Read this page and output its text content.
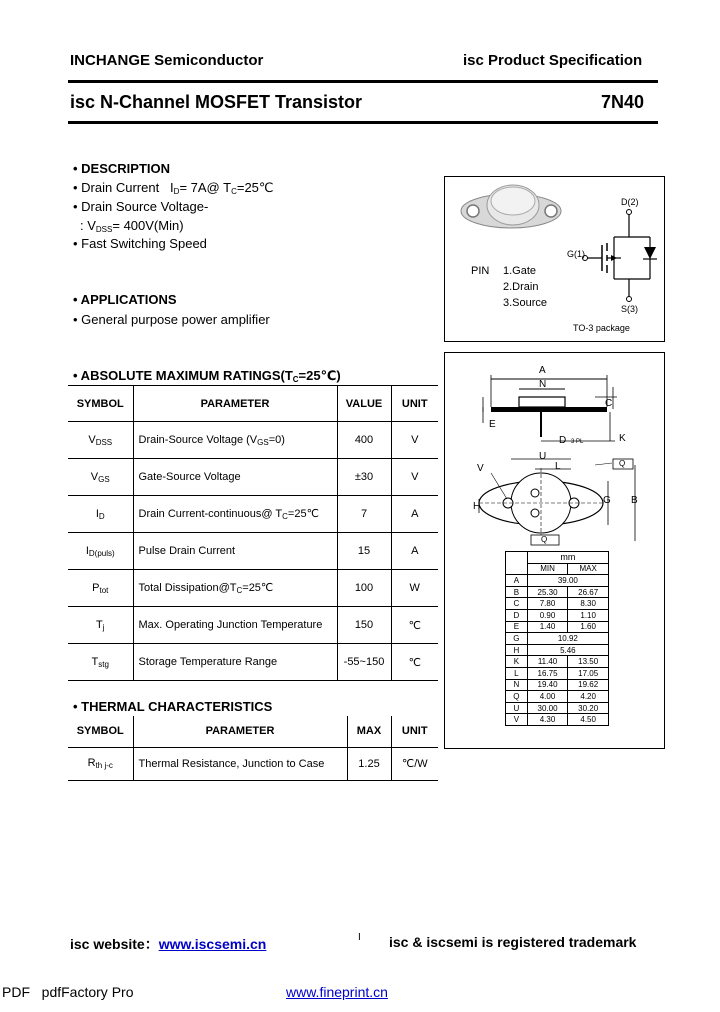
INCHANGE Semiconductor	isc Product Specification
isc N-Channel MOSFET Transistor	7N40
• DESCRIPTION
• Drain Current $I_D=$ 7A@ $T_C=25℃$
• Drain Source Voltage-
: $V_{DSS}= 400V(Min)$
• Fast Switching Speed
• APPLICATIONS
• General purpose power amplifier
D(2)
G(1)
S(3)
PIN 1.Gate
2.Drain
3.Source
TO-3 package
• ABSOLUTE MAXIMUM $RATINGS(T_C=25℃)$
SYMBOL	PARAMETER	VALUE	UNIT
$V_{DSS}$	Drain-Source Voltage $(V_{GS}=0)$	400	V
$V_{GS}$	Gate-Source Voltage	±30	V
$I_D$	Drain Current-continuous@ $T_C=25℃$	7	A
$I_{D(puls)}$	Pulse Drain Current	15	A
$P_{tot}$	Total $Dissipation@T_C=25℃$	100	W
$T_j$	Max. Operating Junction Temperature	150	℃
$T_{stg}$	Storage Temperature Range	-55~150	℃
• THERMAL CHARACTERISTICS
SYMBOL	PARAMETER	MAX	UNIT
$R_{th j-c}$	Thermal Resistance, Junction to Case	1.25	℃/W
A
N
C
E
D 3 PL	K
V
U
L	Q
G B
H
Q
	mm	
	MIN	MAX
A	39.00	
B	25.30	26.67
C	7.80	8.30
D	0.90	1.10
E	1.40	1.60
G	10.92	
H	5.46	
K	11.40	13.50
L	16.75	17.05
N	19.40	19.62
Q	4.00	4.20
U	30.00	30.20
V	4.30	4.50
isc website：www.iscsemi.cn	I isc & iscsemi is registered trademark
PDF   pdfFactory Pro	www.fineprint.cn
